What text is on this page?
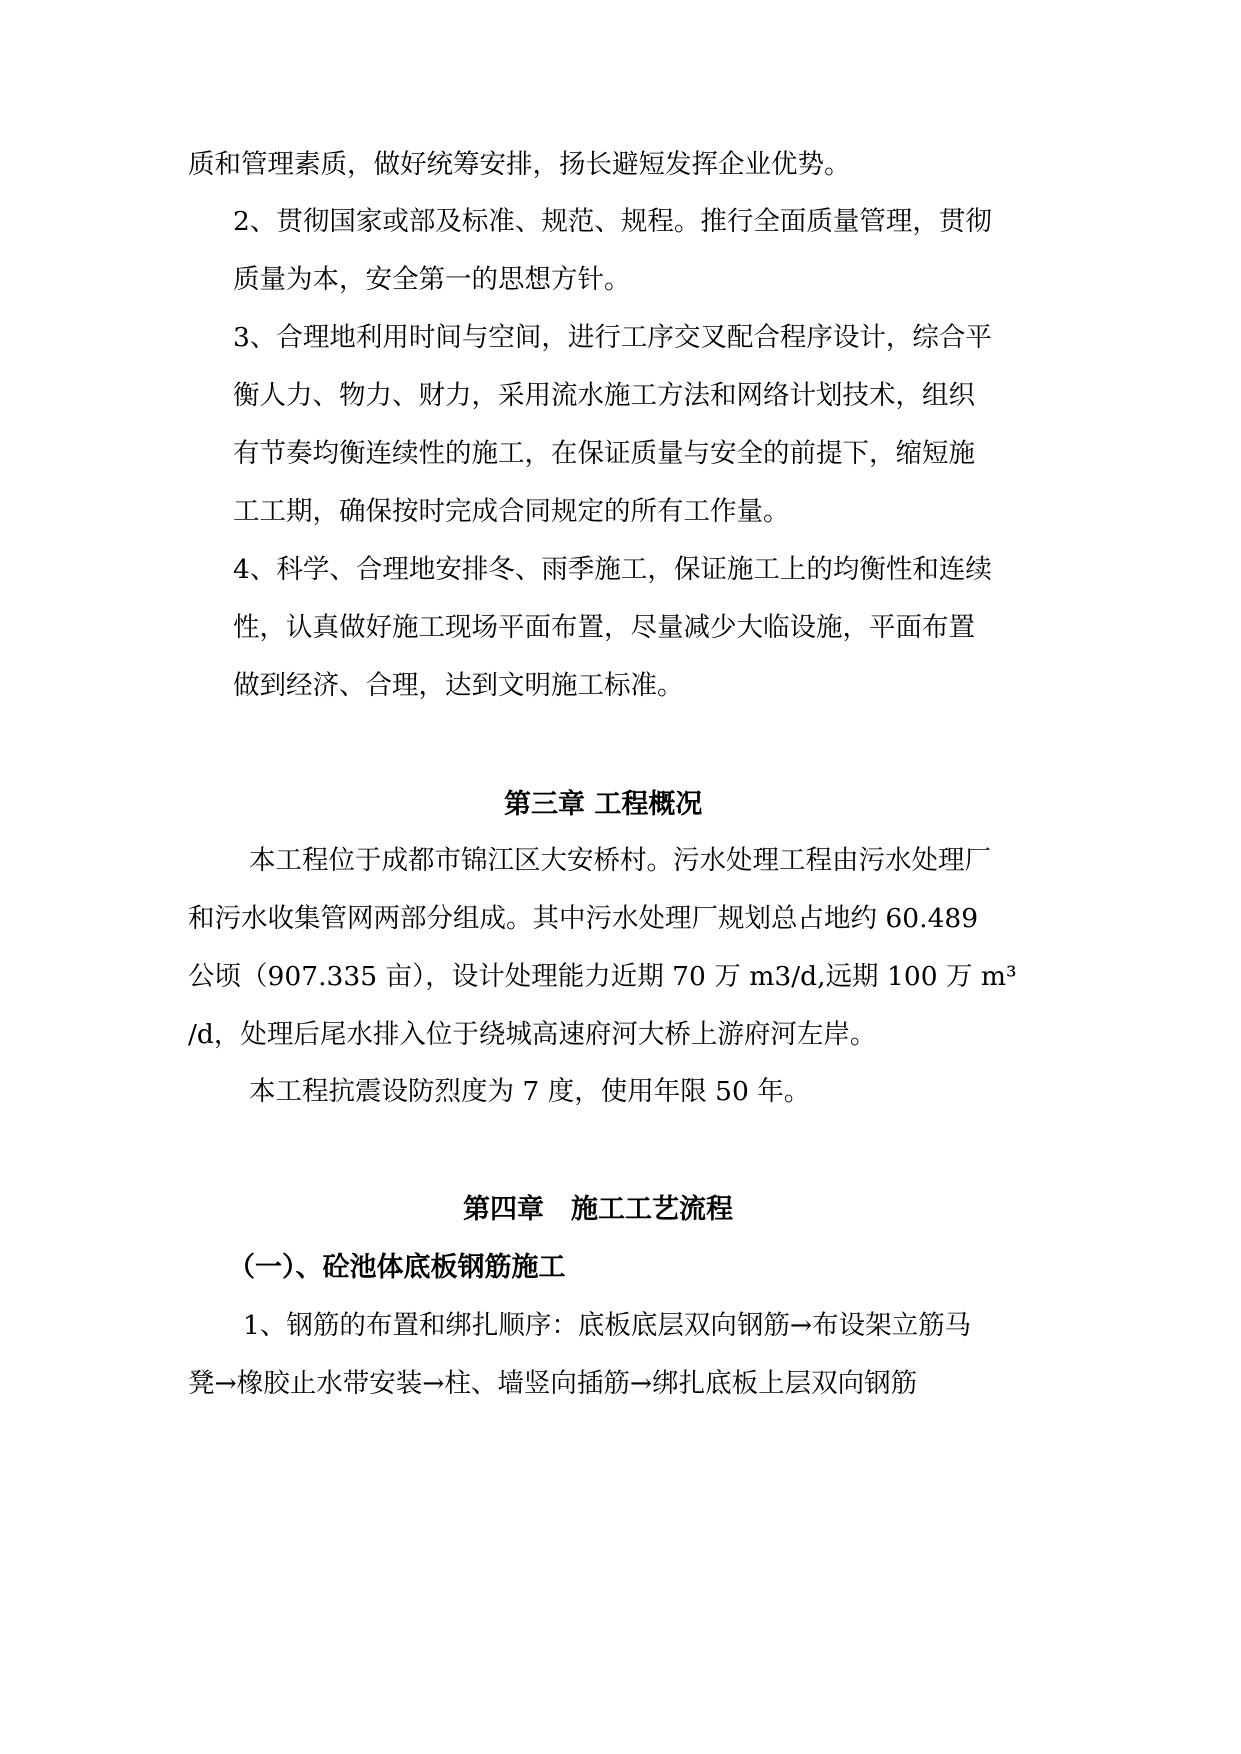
质和管理素质，做好统筹安排，扬长避短发挥企业优势。

2、贯彻国家或部及标准、规范、规程。推行全面质量管理，贯彻

质量为本，安全第一的思想方针。

3、合理地利用时间与空间，进行工序交叉配合程序设计，综合平

衡人力、物力、财力，采用流水施工方法和网络计划技术，组织

有节奏均衡连续性的施工，在保证质量与安全的前提下，缩短施

工工期，确保按时完成合同规定的所有工作量。

4、科学、合理地安排冬、雨季施工，保证施工上的均衡性和连续

性，认真做好施工现场平面布置，尽量减少大临设施，平面布置

做到经济、合理，达到文明施工标准。

第三章 工程概况

本工程位于成都市锦江区大安桥村。污水处理工程由污水处理厂

和污水收集管网两部分组成。其中污水处理厂规划总占地约 60.489

公顷（907.335 亩），设计处理能力近期 70 万 m3/d,远期 100 万 m³

/d，处理后尾水排入位于绕城高速府河大桥上游府河左岸。

本工程抗震设防烈度为 7 度，使用年限 50 年。

第四章　施工工艺流程

（一）、砼池体底板钢筋施工

1、钢筋的布置和绑扎顺序：底板底层双向钢筋→布设架立筋马

凳→橡胶止水带安装→柱、墙竖向插筋→绑扎底板上层双向钢筋
